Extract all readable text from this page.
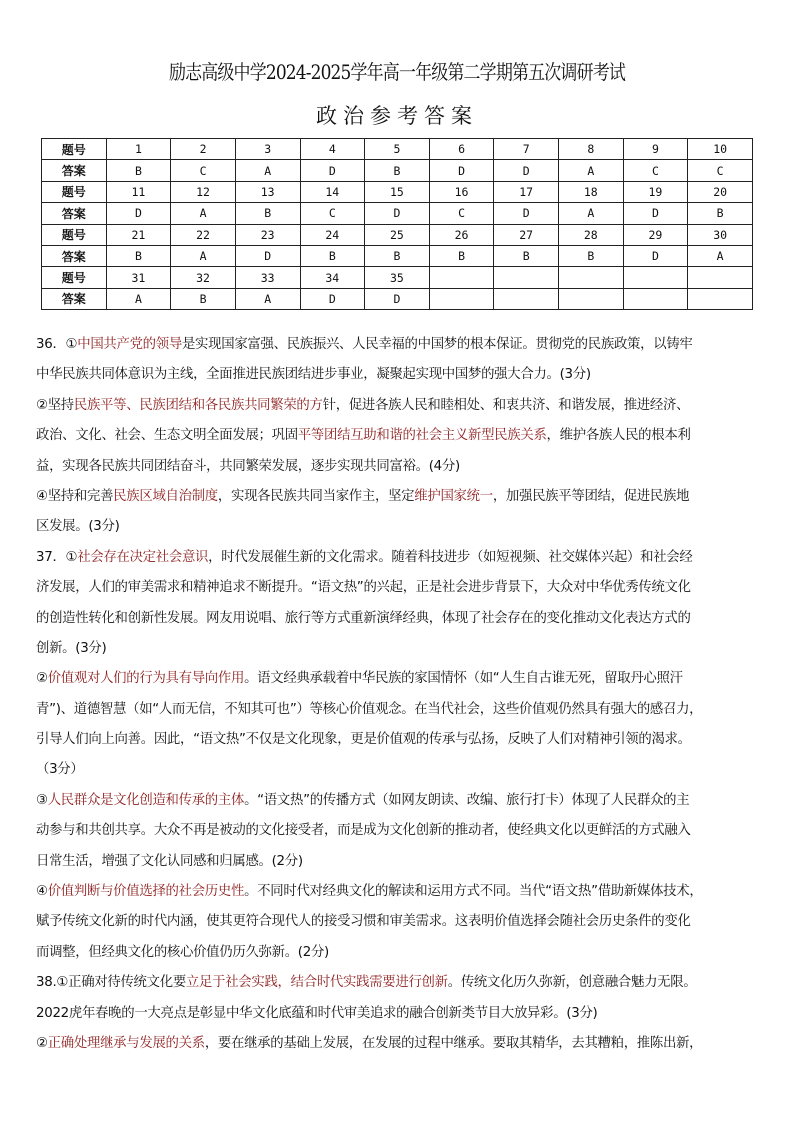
励志高级中学2024-2025学年高一年级第二学期第五次调研考试
政治参考答案
题号	1	2	3	4	5	6	7	8	9	10
答案	B	C	A	D	B	D	D	A	C	C
题号	11	12	13	14	15	16	17	18	19	20
答案	D	A	B	C	D	C	D	A	D	B
题号	21	22	23	24	25	26	27	28	29	30
答案	B	A	D	B	B	B	B	B	D	A
题号	31	32	33	34	35					
答案	A	B	A	D	D					
36．①中国共产党的领导是实现国家富强、民族振兴、人民幸福的中国梦的根本保证。贯彻党的民族政策，以铸牢
中华民族共同体意识为主线，全面推进民族团结进步事业，凝聚起实现中国梦的强大合力。(3分)
②坚持民族平等、民族团结和各民族共同繁荣的方针，促进各族人民和睦相处、和衷共济、和谐发展，推进经济、
政治、文化、社会、生态文明全面发展；巩固平等团结互助和谐的社会主义新型民族关系，维护各族人民的根本利
益，实现各民族共同团结奋斗，共同繁荣发展，逐步实现共同富裕。(4分)
④坚持和完善民族区域自治制度，实现各民族共同当家作主，坚定维护国家统一，加强民族平等团结，促进民族地
区发展。(3分)
37．①社会存在决定社会意识，时代发展催生新的文化需求。随着科技进步（如短视频、社交媒体兴起）和社会经
济发展，人们的审美需求和精神追求不断提升。“语文热”的兴起，正是社会进步背景下，大众对中华优秀传统文化
的创造性转化和创新性发展。网友用说唱、旅行等方式重新演绎经典，体现了社会存在的变化推动文化表达方式的
创新。(3分)
②价值观对人们的行为具有导向作用。语文经典承载着中华民族的家国情怀（如“人生自古谁无死，留取丹心照汗
青”)、道德智慧（如“人而无信，不知其可也”）等核心价值观念。在当代社会，这些价值观仍然具有强大的感召力，
引导人们向上向善。因此，“语文热”不仅是文化现象，更是价值观的传承与弘扬，反映了人们对精神引领的渴求。
（3分）
③人民群众是文化创造和传承的主体。“语文热”的传播方式（如网友朗读、改编、旅行打卡）体现了人民群众的主
动参与和共创共享。大众不再是被动的文化接受者，而是成为文化创新的推动者，使经典文化以更鲜活的方式融入
日常生活，增强了文化认同感和归属感。(2分)
④价值判断与价值选择的社会历史性。不同时代对经典文化的解读和运用方式不同。当代“语文热”借助新媒体技术，
赋予传统文化新的时代内涵，使其更符合现代人的接受习惯和审美需求。这表明价值选择会随社会历史条件的变化
而调整，但经典文化的核心价值仍历久弥新。(2分)
38.①正确对待传统文化要立足于社会实践，结合时代实践需要进行创新。传统文化历久弥新，创意融合魅力无限。
2022虎年春晚的一大亮点是彰显中华文化底蕴和时代审美追求的融合创新类节目大放异彩。(3分)
②正确处理继承与发展的关系，要在继承的基础上发展，在发展的过程中继承。要取其精华，去其糟粕，推陈出新，
